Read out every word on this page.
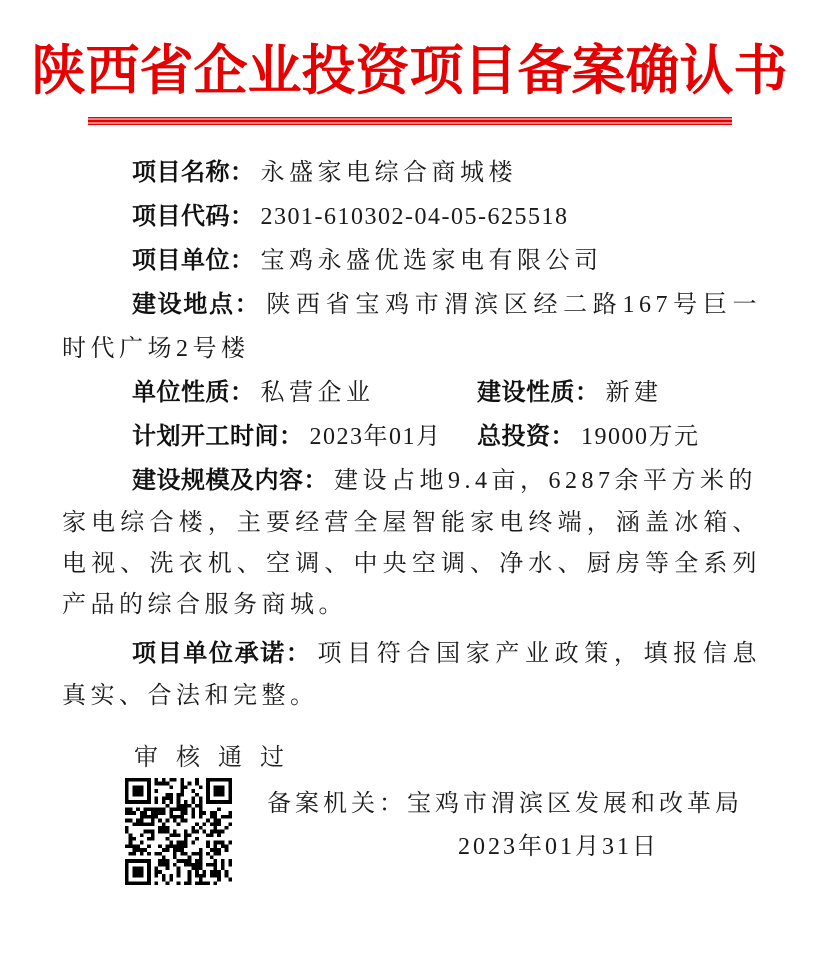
陕西省企业投资项目备案确认书
项目名称： 永盛家电综合商城楼
项目代码： 2301-610302-04-05-625518
项目单位： 宝鸡永盛优选家电有限公司

建设地点： 陕西省宝鸡市渭滨区经二路167号巨一时代广场2号楼

单位性质： 私营企业	建设性质： 新建
计划开工时间： 2023年01月	总投资： 19000万元
建设规模及内容： 建设占地9.4亩，6287余平方米的

家电综合楼，主要经营全屋智能家电终端，涵盖冰箱、电视、洗衣机、空调、中央空调、净水、厨房等全系列产品的综合服务商城。

项目单位承诺： 项目符合国家产业政策，填报信息真实、合法和完整。

审核通过
备案机关：宝鸡市渭滨区发展和改革局
2023年01月31日
